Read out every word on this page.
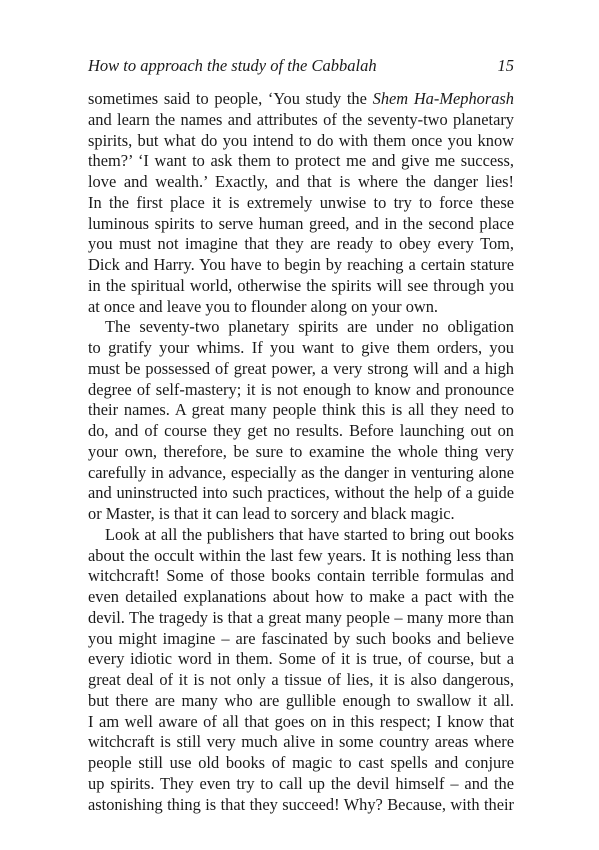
How to approach the study of the Cabbalah	15
sometimes said to people, ‘You study the Shem Ha-Mephorash
and learn the names and attributes of the seventy-two planetary
spirits, but what do you intend to do with them once you know
them?’ ‘I want to ask them to protect me and give me success,
love and wealth.’ Exactly, and that is where the danger lies!
In the first place it is extremely unwise to try to force these
luminous spirits to serve human greed, and in the second place
you must not imagine that they are ready to obey every Tom,
Dick and Harry. You have to begin by reaching a certain stature
in the spiritual world, otherwise the spirits will see through you
at once and leave you to flounder along on your own.
The seventy-two planetary spirits are under no obligation
to gratify your whims. If you want to give them orders, you
must be possessed of great power, a very strong will and a high
degree of self-mastery; it is not enough to know and pronounce
their names. A great many people think this is all they need to
do, and of course they get no results. Before launching out on
your own, therefore, be sure to examine the whole thing very
carefully in advance, especially as the danger in venturing alone
and uninstructed into such practices, without the help of a guide
or Master, is that it can lead to sorcery and black magic.
Look at all the publishers that have started to bring out books
about the occult within the last few years. It is nothing less than
witchcraft! Some of those books contain terrible formulas and
even detailed explanations about how to make a pact with the
devil. The tragedy is that a great many people – many more than
you might imagine – are fascinated by such books and believe
every idiotic word in them. Some of it is true, of course, but a
great deal of it is not only a tissue of lies, it is also dangerous,
but there are many who are gullible enough to swallow it all.
I am well aware of all that goes on in this respect; I know that
witchcraft is still very much alive in some country areas where
people still use old books of magic to cast spells and conjure
up spirits. They even try to call up the devil himself – and the
astonishing thing is that they succeed! Why? Because, with their
